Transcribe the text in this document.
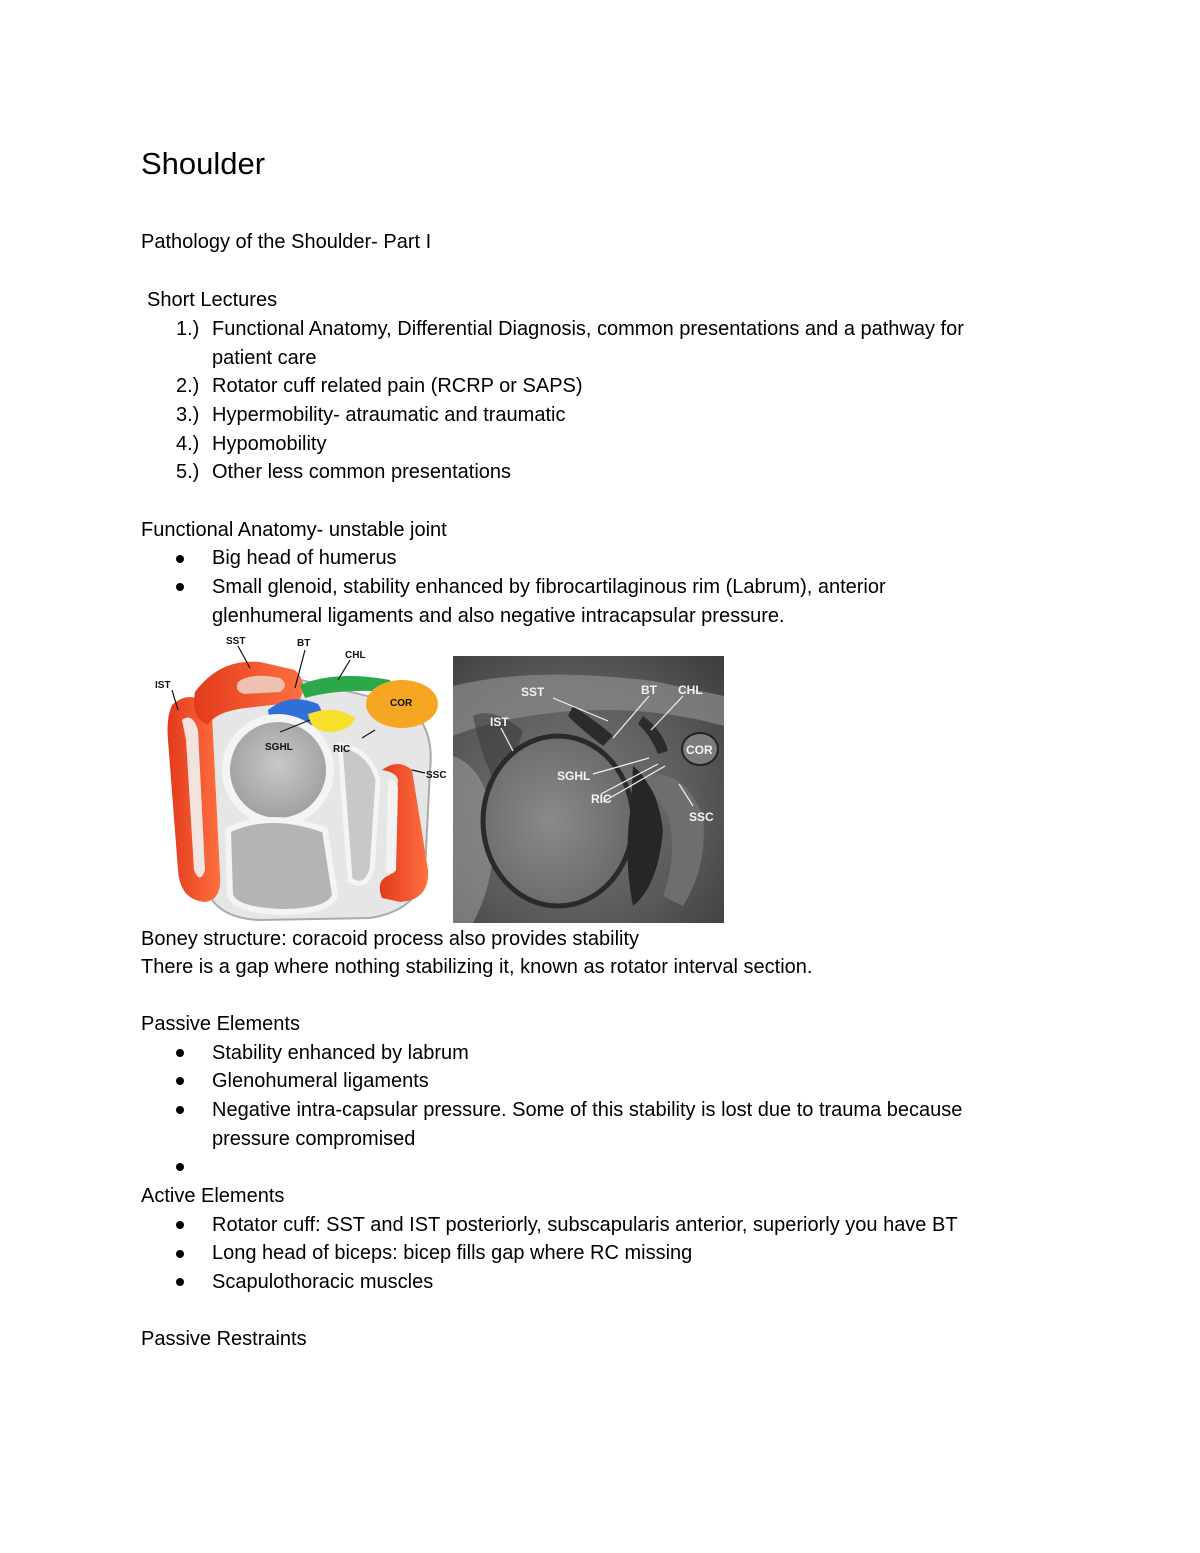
Shoulder
Pathology of the Shoulder- Part I
Short Lectures
1.) Functional Anatomy, Differential Diagnosis, common presentations and a pathway for
patient care
2.) Rotator cuff related pain (RCRP or SAPS)
3.) Hypermobility- atraumatic and traumatic
4.) Hypomobility
5.) Other less common presentations
Functional Anatomy- unstable joint
Big head of humerus
Small glenoid, stability enhanced by fibrocartilaginous rim (Labrum), anterior
glenhumeral ligaments and also negative intracapsular pressure.
SST	BT
CHL
IST
COR
SGHL	RIC
SSC
SST	BT CHL
IST
COR
SGHL
RIC
SSC
Boney structure: coracoid process also provides stability
There is a gap where nothing stabilizing it, known as rotator interval section.
Passive Elements
Stability enhanced by labrum
Glenohumeral ligaments
Negative intra-capsular pressure. Some of this stability is lost due to trauma because
pressure compromised
Active Elements
Rotator cuff: SST and IST posteriorly, subscapularis anterior, superiorly you have BT
Long head of biceps: bicep fills gap where RC missing
Scapulothoracic muscles
Passive Restraints
